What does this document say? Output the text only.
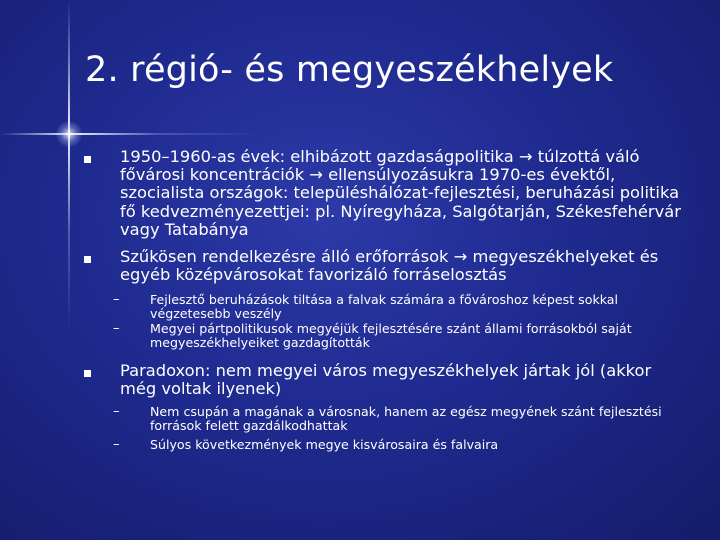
2. régió- és megyeszékhelyek
1950–1960-as évek: elhibázott gazdaságpolitika → túlzottá váló fővárosi koncentrációk → ellensúlyozásukra 1970-es évektől, szocialista országok: településhálózat-fejlesztési, beruházási politika fő kedvezményezettjei: pl. Nyíregyháza, Salgótarján, Székesfehérvár vagy Tatabánya
Szűkösen rendelkezésre álló erőforrások → megyeszékhelyeket és egyéb középvárosokat favorizáló forráselosztás
– Fejlesztő beruházások tiltása a falvak számára a fővároshoz képest sokkal végzetesebb veszély
– Megyei pártpolitikusok megyéjük fejlesztésére szánt állami forrásokból saját megyeszékhelyeiket gazdagították
Paradoxon: nem megyei város megyeszékhelyek jártak jól (akkor még voltak ilyenek)
– Nem csupán a magának a városnak, hanem az egész megyének szánt fejlesztési források felett gazdálkodhattak
– Súlyos következmények megye kisvárosaira és falvaira
